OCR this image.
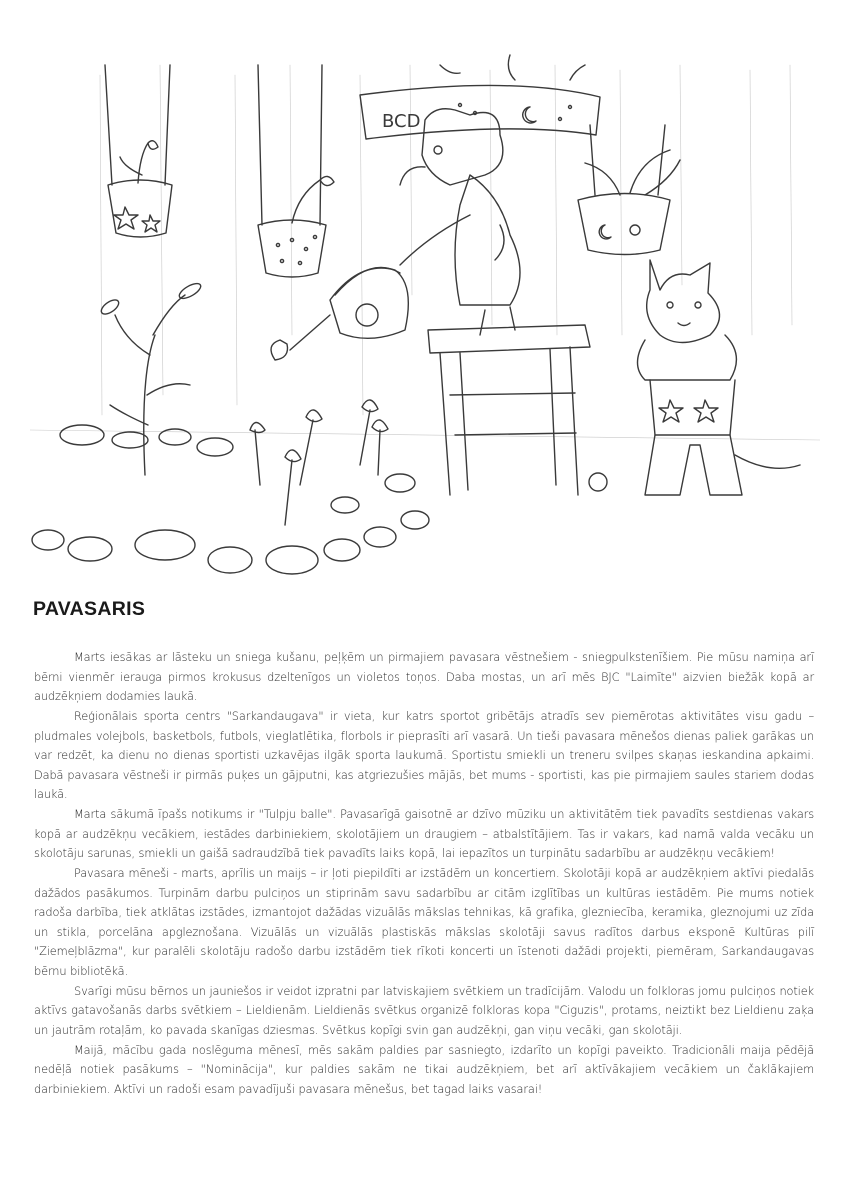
BCD
PAVASARIS

Marts iesākas ar lāsteku un sniega kušanu, peļķēm un pirmajiem pavasara vēstnešiem - sniegpulkstenīšiem. Pie mūsu namiņa arī bērni vienmēr ierauga pirmos krokusus dzeltenīgos un violetos toņos. Daba mostas, un arī mēs BJC "Laimīte" aizvien biežāk kopā ar audzēkņiem dodamies laukā.

Reģionālais sporta centrs "Sarkandaugava" ir vieta, kur katrs sportot gribētājs atradīs sev piemērotas aktivitātes visu gadu – pludmales volejbols, basketbols, futbols, vieglatlētika, florbols ir pieprasīti arī vasarā. Un tieši pavasara mēnešos dienas paliek garākas un var redzēt, ka dienu no dienas sportisti uzkavējas ilgāk sporta laukumā. Sportistu smiekli un treneru svilpes skaņas ieskandina apkaimi. Dabā pavasara vēstneši ir pirmās puķes un gājputni, kas atgriezušies mājās, bet mums - sportisti, kas pie pirmajiem saules stariem dodas laukā.

Marta sākumā īpašs notikums ir "Tulpju balle". Pavasarīgā gaisotnē ar dzīvo mūziku un aktivitātēm tiek pavadīts sestdienas vakars kopā ar audzēkņu vecākiem, iestādes darbiniekiem, skolotājiem un draugiem – atbalstītājiem. Tas ir vakars, kad namā valda vecāku un skolotāju sarunas, smiekli un gaišā sadraudzībā tiek pavadīts laiks kopā, lai iepazītos un turpinātu sadarbību ar audzēkņu vecākiem!

Pavasara mēneši - marts, aprīlis un maijs – ir ļoti piepildīti ar izstādēm un koncertiem. Skolotāji kopā ar audzēkņiem aktīvi piedalās dažādos pasākumos. Turpinām darbu pulciņos un stiprinām savu sadarbību ar citām izglītības un kultūras iestādēm. Pie mums notiek radoša darbība, tiek atklātas izstādes, izmantojot dažādas vizuālās mākslas tehnikas, kā grafika, glezniecība, keramika, gleznojumi uz zīda un stikla, porcelāna apgleznošana. Vizuālās un vizuālās plastiskās mākslas skolotāji savus radītos darbus eksponē Kultūras pilī "Ziemeļblāzma", kur paralēli skolotāju radošo darbu izstādēm tiek rīkoti koncerti un īstenoti dažādi projekti, piemēram, Sarkandaugavas bērnu bibliotēkā.

Svarīgi mūsu bērnos un jauniešos ir veidot izpratni par latviskajiem svētkiem un tradīcijām. Valodu un folkloras jomu pulciņos notiek aktīvs gatavošanās darbs svētkiem – Lieldienām. Lieldienās svētkus organizē folkloras kopa "Ciguzis", protams, neiztikt bez Lieldienu zaķa un jautrām rotaļām, ko pavada skanīgas dziesmas. Svētkus kopīgi svin gan audzēkņi, gan viņu vecāki, gan skolotāji.

Maijā, mācību gada noslēguma mēnesī, mēs sakām paldies par sasniegto, izdarīto un kopīgi paveikto. Tradicionāli maija pēdējā nedēļā notiek pasākums – "Nominācija", kur paldies sakām ne tikai audzēkņiem, bet arī aktīvākajiem vecākiem un čaklākajiem darbiniekiem. Aktīvi un radoši esam pavadījuši pavasara mēnešus, bet tagad laiks vasarai!
